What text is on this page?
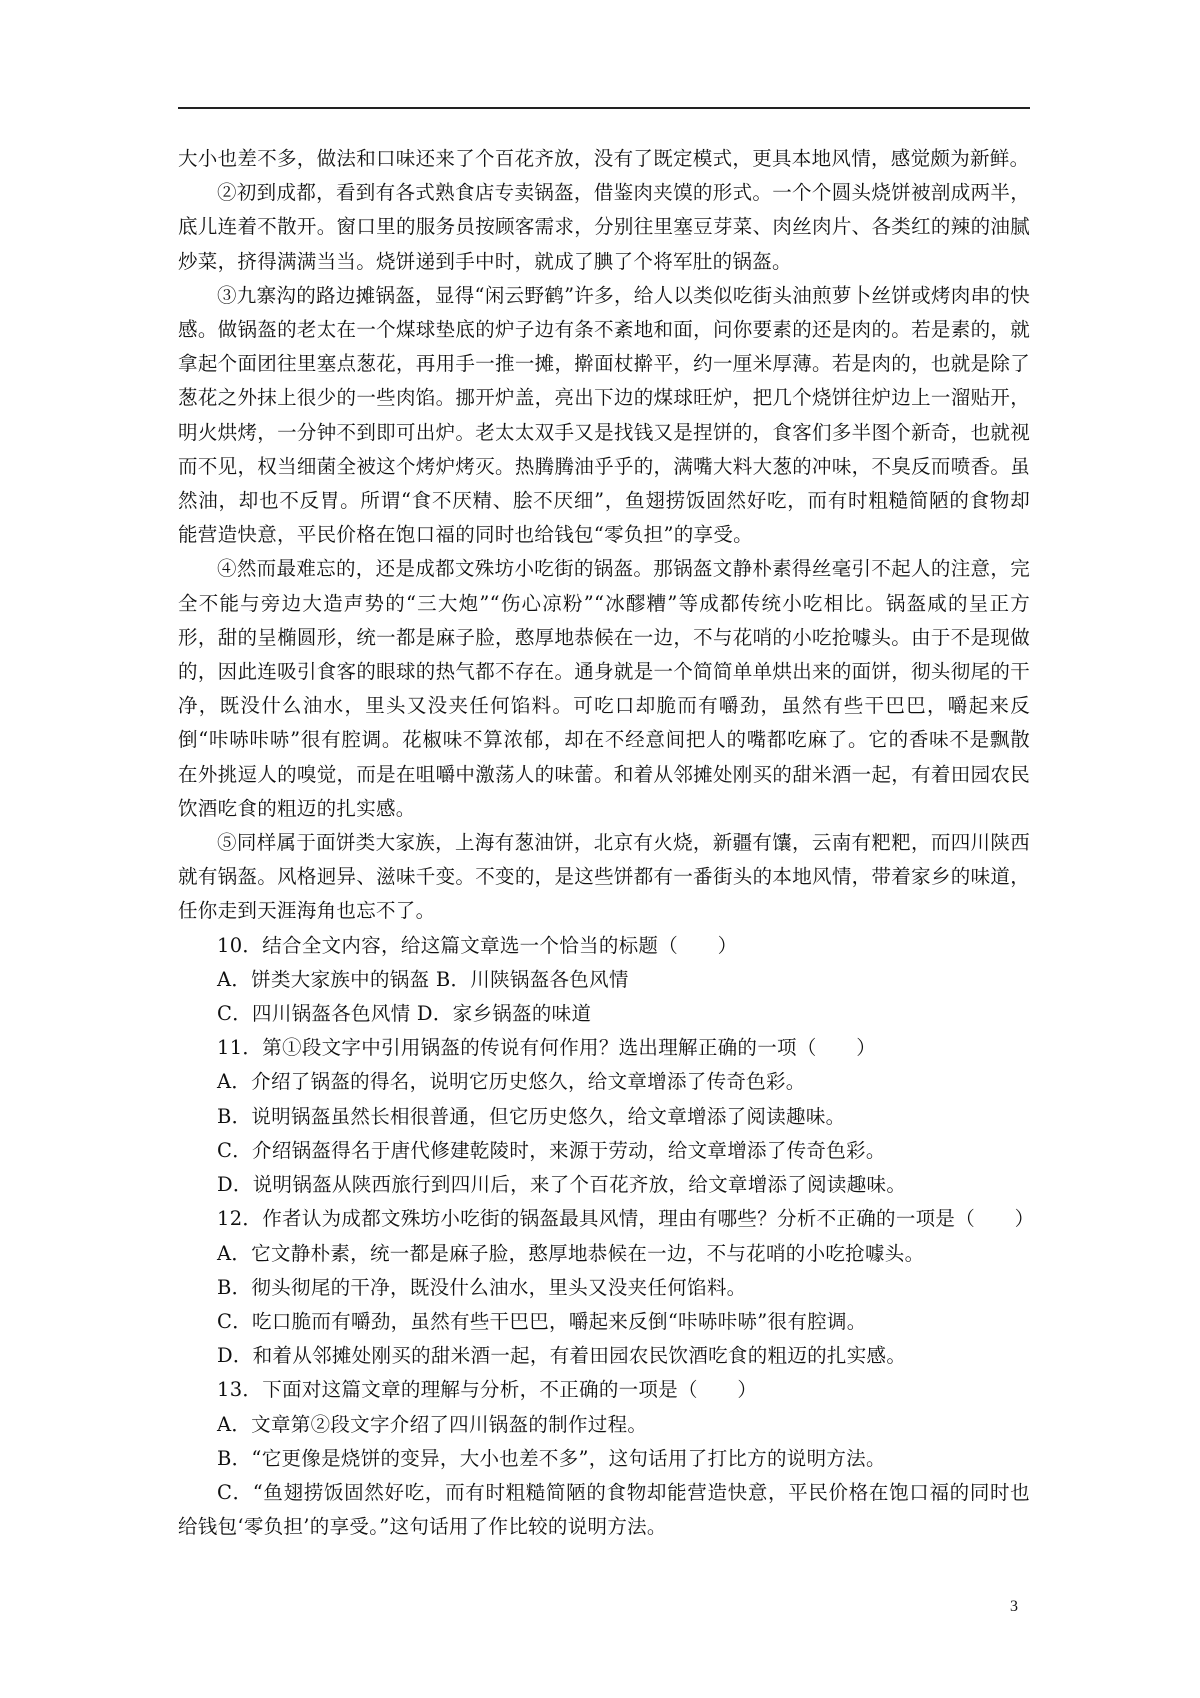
大小也差不多，做法和口味还来了个百花齐放，没有了既定模式，更具本地风情，感觉颇为新鲜。

②初到成都，看到有各式熟食店专卖锅盔，借鉴肉夹馍的形式。一个个圆头烧饼被剖成两半，底儿连着不散开。窗口里的服务员按顾客需求，分别往里塞豆芽菜、肉丝肉片、各类红的辣的油腻炒菜，挤得满满当当。烧饼递到手中时，就成了腆了个将军肚的锅盔。

③九寨沟的路边摊锅盔，显得“闲云野鹤”许多，给人以类似吃街头油煎萝卜丝饼或烤肉串的快感。做锅盔的老太在一个煤球垫底的炉子边有条不紊地和面，问你要素的还是肉的。若是素的，就拿起个面团往里塞点葱花，再用手一推一摊，擀面杖擀平，约一厘米厚薄。若是肉的，也就是除了葱花之外抹上很少的一些肉馅。挪开炉盖，亮出下边的煤球旺炉，把几个烧饼往炉边上一溜贴开，明火烘烤，一分钟不到即可出炉。老太太双手又是找钱又是捏饼的，食客们多半图个新奇，也就视而不见，权当细菌全被这个烤炉烤灭。热腾腾油乎乎的，满嘴大料大葱的冲味，不臭反而喷香。虽然油，却也不反胃。所谓“食不厌精、脍不厌细”，鱼翅捞饭固然好吃，而有时粗糙简陋的食物却能营造快意，平民价格在饱口福的同时也给钱包“零负担”的享受。

④然而最难忘的，还是成都文殊坊小吃街的锅盔。那锅盔文静朴素得丝毫引不起人的注意，完全不能与旁边大造声势的“三大炮”“伤心凉粉”“冰醪糟”等成都传统小吃相比。锅盔咸的呈正方形，甜的呈椭圆形，统一都是麻子脸，憨厚地恭候在一边，不与花哨的小吃抢噱头。由于不是现做的，因此连吸引食客的眼球的热气都不存在。通身就是一个简简单单烘出来的面饼，彻头彻尾的干净，既没什么油水，里头又没夹任何馅料。可吃口却脆而有嚼劲，虽然有些干巴巴，嚼起来反倒“咔哧咔哧”很有腔调。花椒味不算浓郁，却在不经意间把人的嘴都吃麻了。它的香味不是飘散在外挑逗人的嗅觉，而是在咀嚼中激荡人的味蕾。和着从邻摊处刚买的甜米酒一起，有着田园农民饮酒吃食的粗迈的扎实感。

⑤同样属于面饼类大家族，上海有葱油饼，北京有火烧，新疆有馕，云南有粑粑，而四川陕西就有锅盔。风格迥异、滋味千变。不变的，是这些饼都有一番街头的本地风情，带着家乡的味道，任你走到天涯海角也忘不了。

10．结合全文内容，给这篇文章选一个恰当的标题（　　）

A．饼类大家族中的锅盔 B．川陕锅盔各色风情

C．四川锅盔各色风情 D．家乡锅盔的味道

11．第①段文字中引用锅盔的传说有何作用？选出理解正确的一项（　　）

A．介绍了锅盔的得名，说明它历史悠久，给文章增添了传奇色彩。

B．说明锅盔虽然长相很普通，但它历史悠久，给文章增添了阅读趣味。

C．介绍锅盔得名于唐代修建乾陵时，来源于劳动，给文章增添了传奇色彩。

D．说明锅盔从陕西旅行到四川后，来了个百花齐放，给文章增添了阅读趣味。

12．作者认为成都文殊坊小吃街的锅盔最具风情，理由有哪些？分析不正确的一项是（　　）

A．它文静朴素，统一都是麻子脸，憨厚地恭候在一边，不与花哨的小吃抢噱头。

B．彻头彻尾的干净，既没什么油水，里头又没夹任何馅料。

C．吃口脆而有嚼劲，虽然有些干巴巴，嚼起来反倒“咔哧咔哧”很有腔调。

D．和着从邻摊处刚买的甜米酒一起，有着田园农民饮酒吃食的粗迈的扎实感。

13．下面对这篇文章的理解与分析，不正确的一项是（　　）

A．文章第②段文字介绍了四川锅盔的制作过程。

B．“它更像是烧饼的变异，大小也差不多”，这句话用了打比方的说明方法。

C．“鱼翅捞饭固然好吃，而有时粗糙简陋的食物却能营造快意，平民价格在饱口福的同时也给钱包‘零负担’的享受。”这句话用了作比较的说明方法。

3
